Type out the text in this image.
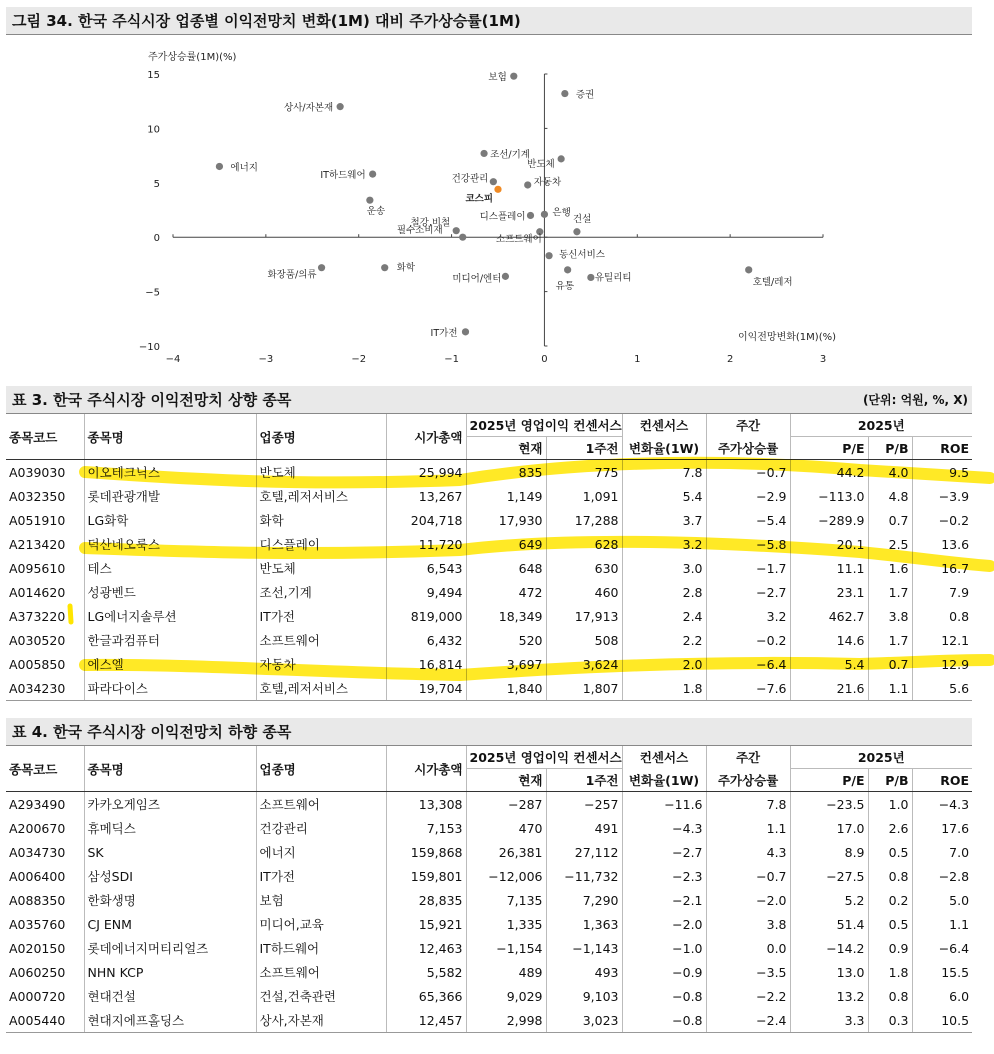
그림 34. 한국 주식시장 업종별 이익전망치 변화(1M) 대비 주가상승률(1M)
−4	−3	−2	−1	0	1	2	3
15
10
5
0
−5
−10
주가상승률(1M)(%)
이익전망변화(1M)(%)
보험
증권
상사/자본재
에너지
IT하드웨어
조선/기계
반도체
건강관리	자동차
코스피
운송	디스플레이	은행
철강,비철	건설
필수소비재
소프트웨어
동신서비스
화장품/의류
화학
미디어/엔터
유통
유틸리티	호텔/레저
IT가전
표 3. 한국 주식시장 이익전망치 상향 종목	(단위: 억원, %, X)
종목코드	종목명	업종명	시가총액	2025년 영업이익 컨센서스		컨센서스	주간	2025년		
				현재	1주전	변화율(1W)	주가상승률	P/E	P/B	ROE
A039030	이오테크닉스	반도체	25,994	835	775	7.8	−0.7	44.2	4.0	9.5
A032350	롯데관광개발	호텔,레저서비스	13,267	1,149	1,091	5.4	−2.9	−113.0	4.8	−3.9
A051910	LG화학	화학	204,718	17,930	17,288	3.7	−5.4	−289.9	0.7	−0.2
A213420	덕산네오룩스	디스플레이	11,720	649	628	3.2	−5.8	20.1	2.5	13.6
A095610	테스	반도체	6,543	648	630	3.0	−1.7	11.1	1.6	16.7
A014620	성광벤드	조선,기계	9,494	472	460	2.8	−2.7	23.1	1.7	7.9
A373220	LG에너지솔루션	IT가전	819,000	18,349	17,913	2.4	3.2	462.7	3.8	0.8
A030520	한글과컴퓨터	소프트웨어	6,432	520	508	2.2	−0.2	14.6	1.7	12.1
A005850	에스엘	자동차	16,814	3,697	3,624	2.0	−6.4	5.4	0.7	12.9
A034230	파라다이스	호텔,레저서비스	19,704	1,840	1,807	1.8	−7.6	21.6	1.1	5.6
표 4. 한국 주식시장 이익전망치 하향 종목
종목코드	종목명	업종명	시가총액	2025년 영업이익 컨센서스		컨센서스	주간	2025년		
				현재	1주전	변화율(1W)	주가상승률	P/E	P/B	ROE
A293490	카카오게임즈	소프트웨어	13,308	−287	−257	−11.6	7.8	−23.5	1.0	−4.3
A200670	휴메딕스	건강관리	7,153	470	491	−4.3	1.1	17.0	2.6	17.6
A034730	SK	에너지	159,868	26,381	27,112	−2.7	4.3	8.9	0.5	7.0
A006400	삼성SDI	IT가전	159,801	−12,006	−11,732	−2.3	−0.7	−27.5	0.8	−2.8
A088350	한화생명	보험	28,835	7,135	7,290	−2.1	−2.0	5.2	0.2	5.0
A035760	CJ ENM	미디어,교육	15,921	1,335	1,363	−2.0	3.8	51.4	0.5	1.1
A020150	롯데에너지머티리얼즈	IT하드웨어	12,463	−1,154	−1,143	−1.0	0.0	−14.2	0.9	−6.4
A060250	NHN KCP	소프트웨어	5,582	489	493	−0.9	−3.5	13.0	1.8	15.5
A000720	현대건설	건설,건축관련	65,366	9,029	9,103	−0.8	−2.2	13.2	0.8	6.0
A005440	현대지에프홀딩스	상사,자본재	12,457	2,998	3,023	−0.8	−2.4	3.3	0.3	10.5
